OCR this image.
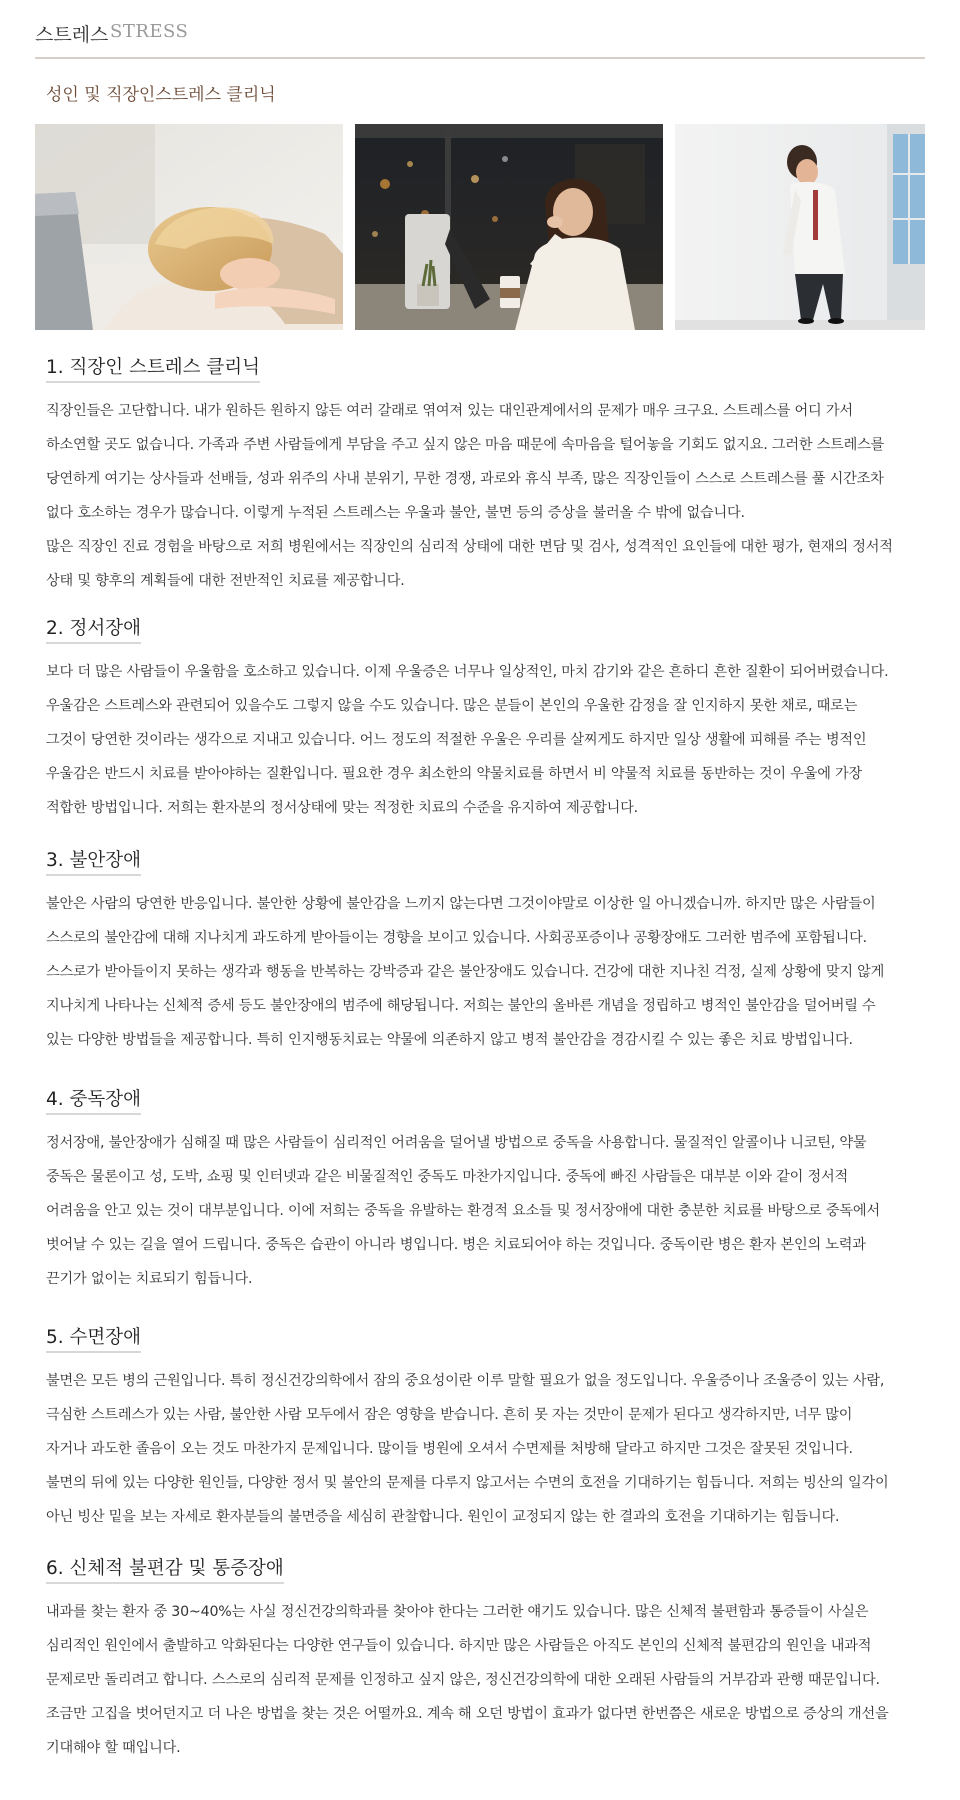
스트레스 STRESS
성인 및 직장인스트레스 클리닉
1. 직장인 스트레스 클리닉

직장인들은 고단합니다. 내가 원하든 원하지 않든 여러 갈래로 엮여져 있는 대인관계에서의 문제가 매우 크구요. 스트레스를 어디 가서

하소연할 곳도 없습니다. 가족과 주변 사람들에게 부담을 주고 싶지 않은 마음 때문에 속마음을 털어놓을 기회도 없지요. 그러한 스트레스를

당연하게 여기는 상사들과 선배들, 성과 위주의 사내 분위기, 무한 경쟁, 과로와 휴식 부족, 많은 직장인들이 스스로 스트레스를 풀 시간조차

없다 호소하는 경우가 많습니다. 이렇게 누적된 스트레스는 우울과 불안, 불면 등의 증상을 불러올 수 밖에 없습니다.

많은 직장인 진료 경험을 바탕으로 저희 병원에서는 직장인의 심리적 상태에 대한 면담 및 검사, 성격적인 요인들에 대한 평가, 현재의 정서적

상태 및 향후의 계획들에 대한 전반적인 치료를 제공합니다.

2. 정서장애

보다 더 많은 사람들이 우울함을 호소하고 있습니다. 이제 우울증은 너무나 일상적인, 마치 감기와 같은 흔하디 흔한 질환이 되어버렸습니다.

우울감은 스트레스와 관련되어 있을수도 그렇지 않을 수도 있습니다. 많은 분들이 본인의 우울한 감정을 잘 인지하지 못한 채로, 때로는

그것이 당연한 것이라는 생각으로 지내고 있습니다. 어느 정도의 적절한 우울은 우리를 살찌게도 하지만 일상 생활에 피해를 주는 병적인

우울감은 반드시 치료를 받아야하는 질환입니다. 필요한 경우 최소한의 약물치료를 하면서 비 약물적 치료를 동반하는 것이 우울에 가장

적합한 방법입니다. 저희는 환자분의 정서상태에 맞는 적정한 치료의 수준을 유지하여 제공합니다.

3. 불안장애

불안은 사람의 당연한 반응입니다. 불안한 상황에 불안감을 느끼지 않는다면 그것이야말로 이상한 일 아니겠습니까. 하지만 많은 사람들이

스스로의 불안감에 대해 지나치게 과도하게 받아들이는 경향을 보이고 있습니다. 사회공포증이나 공황장애도 그러한 범주에 포함됩니다.

스스로가 받아들이지 못하는 생각과 행동을 반복하는 강박증과 같은 불안장애도 있습니다. 건강에 대한 지나친 걱정, 실제 상황에 맞지 않게

지나치게 나타나는 신체적 증세 등도 불안장애의 범주에 해당됩니다. 저희는 불안의 올바른 개념을 정립하고 병적인 불안감을 덜어버릴 수

있는 다양한 방법들을 제공합니다. 특히 인지행동치료는 약물에 의존하지 않고 병적 불안감을 경감시킬 수 있는 좋은 치료 방법입니다.

4. 중독장애

정서장애, 불안장애가 심해질 때 많은 사람들이 심리적인 어려움을 덜어낼 방법으로 중독을 사용합니다. 물질적인 알콜이나 니코틴, 약물

중독은 물론이고 성, 도박, 쇼핑 및 인터넷과 같은 비물질적인 중독도 마찬가지입니다. 중독에 빠진 사람들은 대부분 이와 같이 정서적

어려움을 안고 있는 것이 대부분입니다. 이에 저희는 중독을 유발하는 환경적 요소들 및 정서장애에 대한 충분한 치료를 바탕으로 중독에서

벗어날 수 있는 길을 열어 드립니다. 중독은 습관이 아니라 병입니다. 병은 치료되어야 하는 것입니다. 중독이란 병은 환자 본인의 노력과

끈기가 없이는 치료되기 힘듭니다.

5. 수면장애

불면은 모든 병의 근원입니다. 특히 정신건강의학에서 잠의 중요성이란 이루 말할 필요가 없을 정도입니다. 우울증이나 조울증이 있는 사람,

극심한 스트레스가 있는 사람, 불안한 사람 모두에서 잠은 영향을 받습니다. 흔히 못 자는 것만이 문제가 된다고 생각하지만, 너무 많이

자거나 과도한 졸음이 오는 것도 마찬가지 문제입니다. 많이들 병원에 오셔서 수면제를 처방해 달라고 하지만 그것은 잘못된 것입니다.

불면의 뒤에 있는 다양한 원인들, 다양한 정서 및 불안의 문제를 다루지 않고서는 수면의 호전을 기대하기는 힘듭니다. 저희는 빙산의 일각이

아닌 빙산 밑을 보는 자세로 환자분들의 불면증을 세심히 관찰합니다. 원인이 교정되지 않는 한 결과의 호전을 기대하기는 힘듭니다.

6. 신체적 불편감 및 통증장애

내과를 찾는 환자 중 30~40%는 사실 정신건강의학과를 찾아야 한다는 그러한 얘기도 있습니다. 많은 신체적 불편함과 통증들이 사실은

심리적인 원인에서 출발하고 악화된다는 다양한 연구들이 있습니다. 하지만 많은 사람들은 아직도 본인의 신체적 불편감의 원인을 내과적

문제로만 돌리려고 합니다. 스스로의 심리적 문제를 인정하고 싶지 않은, 정신건강의학에 대한 오래된 사람들의 거부감과 관행 때문입니다.

조금만 고집을 벗어던지고 더 나은 방법을 찾는 것은 어떨까요. 계속 해 오던 방법이 효과가 없다면 한번쯤은 새로운 방법으로 증상의 개선을

기대해야 할 때입니다.
